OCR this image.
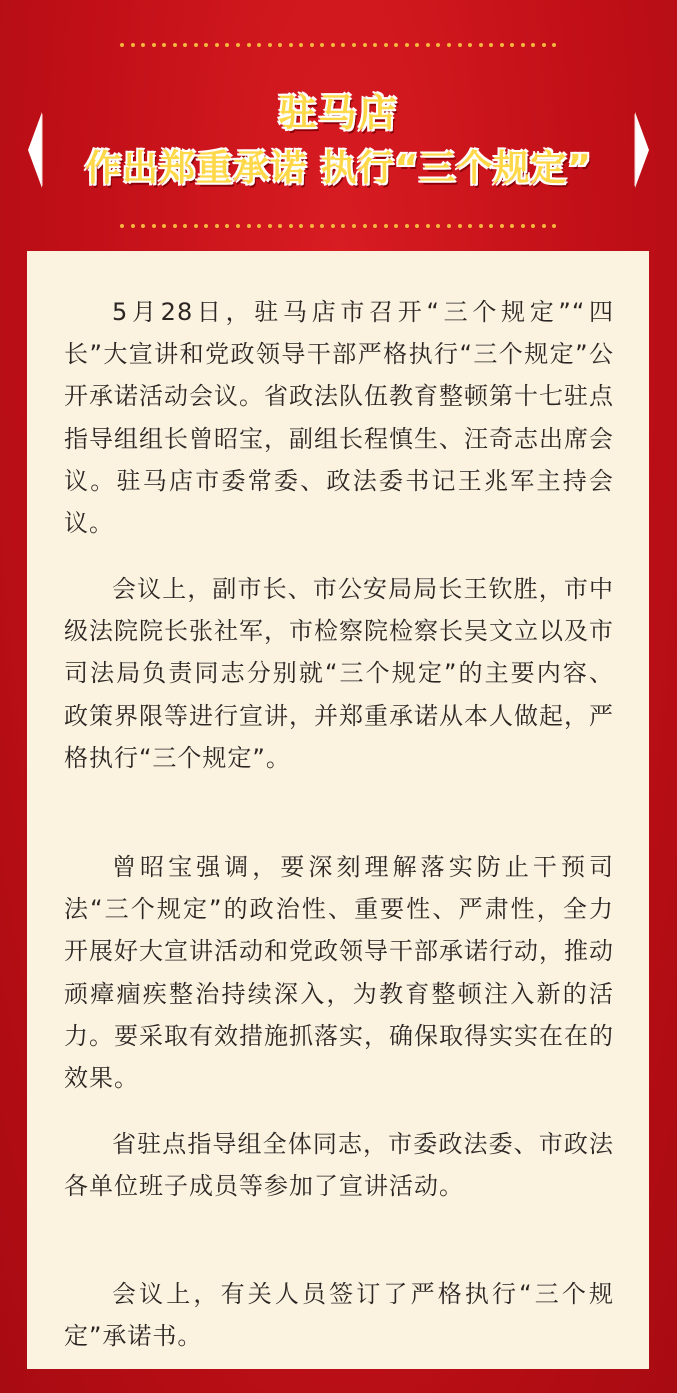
驻马店
作出郑重承诺 执行“三个规定”

5月28日，驻马店市召开“三个规定”“四长”大宣讲和党政领导干部严格执行“三个规定”公开承诺活动会议。省政法队伍教育整顿第十七驻点指导组组长曾昭宝，副组长程慎生、汪奇志出席会议。驻马店市委常委、政法委书记王兆军主持会议。

会议上，副市长、市公安局局长王钦胜，市中级法院院长张社军，市检察院检察长吴文立以及市司法局负责同志分别就“三个规定”的主要内容、政策界限等进行宣讲，并郑重承诺从本人做起，严格执行“三个规定”。

曾昭宝强调，要深刻理解落实防止干预司法“三个规定”的政治性、重要性、严肃性，全力开展好大宣讲活动和党政领导干部承诺行动，推动顽瘴痼疾整治持续深入，为教育整顿注入新的活力。要采取有效措施抓落实，确保取得实实在在的效果。

省驻点指导组全体同志，市委政法委、市政法各单位班子成员等参加了宣讲活动。

会议上，有关人员签订了严格执行“三个规定”承诺书。
